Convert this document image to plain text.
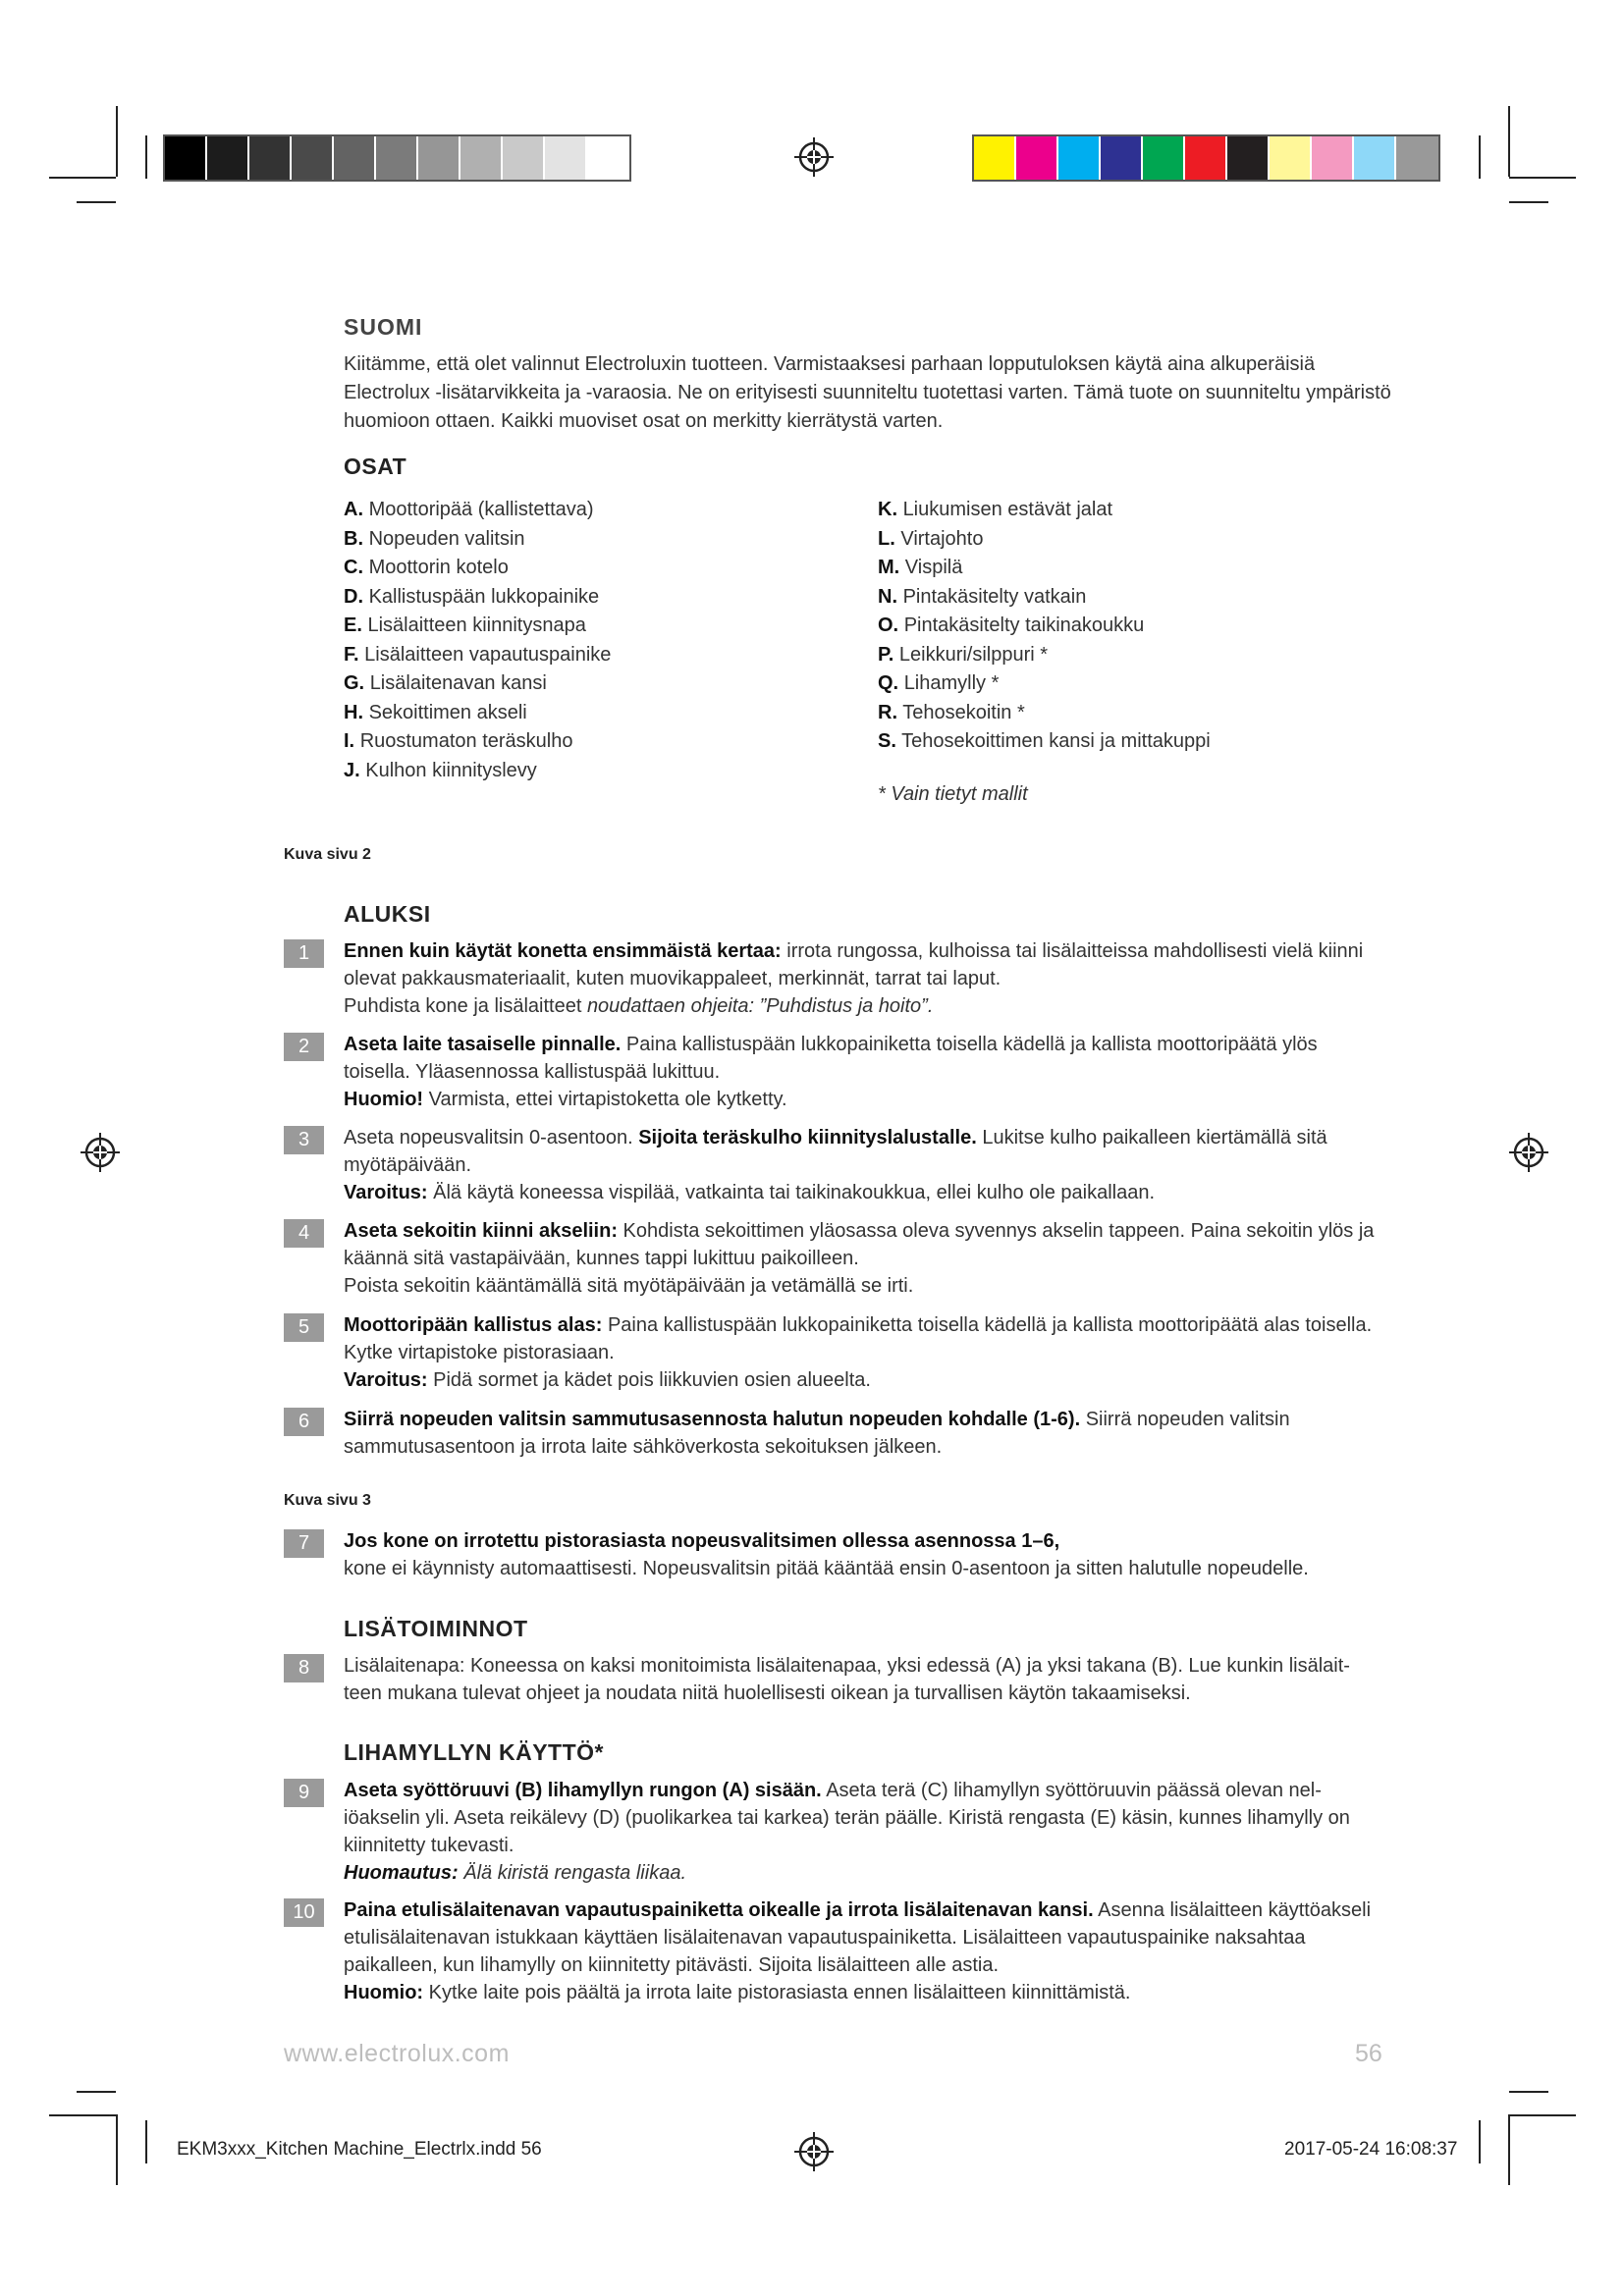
SUOMI
Kiitämme, että olet valinnut Electroluxin tuotteen. Varmistaaksesi parhaan lopputuloksen käytä aina alkuperäisiä Electrolux -lisätarvikkeita ja -varaosia. Ne on erityisesti suunniteltu tuotettasi varten. Tämä tuote on suunniteltu ympäristö huomioon ottaen. Kaikki muoviset osat on merkitty kierrätystä varten.
OSAT
A. Moottoripää (kallistettava)
B. Nopeuden valitsin
C. Moottorin kotelo
D. Kallistuspään lukkopainike
E. Lisälaitteen kiinnitysnapa
F. Lisälaitteen vapautuspainike
G. Lisälaitenavan kansi
H. Sekoittimen akseli
I. Ruostumaton teräskulho
J. Kulhon kiinnityslevy
K. Liukumisen estävät jalat
L. Virtajohto
M. Vispilä
N. Pintakäsitelty vatkain
O. Pintakäsitelty taikinakoukku
P. Leikkuri/silppuri *
Q. Lihamylly *
R. Tehosekoitin *
S. Tehosekoittimen kansi ja mittakuppi
* Vain tietyt mallit
Kuva sivu 2
ALUKSI
1	Ennen kuin käytät konetta ensimmäistä kertaa: irrota rungossa, kulhoissa tai lisälaitteissa mahdollisesti vielä kiinni olevat pakkausmateriaalit, kuten muovikappaleet, merkinnät, tarrat tai laput.
Puhdista kone ja lisälaitteet noudattaen ohjeita: ”Puhdistus ja hoito”.
2	Aseta laite tasaiselle pinnalle. Paina kallistuspään lukkopainiketta toisella kädellä ja kallista moottoripäätä ylös toisella. Yläasennossa kallistuspää lukittuu.
Huomio! Varmista, ettei virtapistoketta ole kytketty.
3	Aseta nopeusvalitsin 0-asentoon. Sijoita teräskulho kiinnityslalustalle. Lukitse kulho paikalleen kiertämällä sitä myötäpäivään.
Varoitus: Älä käytä koneessa vispilää, vatkainta tai taikinakoukkua, ellei kulho ole paikallaan.
4	Aseta sekoitin kiinni akseliin: Kohdista sekoittimen yläosassa oleva syvennys akselin tappeen. Paina sekoitin ylös ja käännä sitä vastapäivään, kunnes tappi lukittuu paikoilleen.
Poista sekoitin kääntämällä sitä myötäpäivään ja vetämällä se irti.
5	Moottoripään kallistus alas: Paina kallistuspään lukkopainiketta toisella kädellä ja kallista moottoripäätä alas toisella. Kytke virtapistoke pistorasiaan.
Varoitus: Pidä sormet ja kädet pois liikkuvien osien alueelta.
6	Siirrä nopeuden valitsin sammutusasennosta halutun nopeuden kohdalle (1-6). Siirrä nopeuden valitsin sammutusasentoon ja irrota laite sähköverkosta sekoituksen jälkeen.
Kuva sivu 3
7	Jos kone on irrotettu pistorasiasta nopeusvalitsimen ollessa asennossa 1–6,
kone ei käynnisty automaattisesti. Nopeusvalitsin pitää kääntää ensin 0-asentoon ja sitten halutulle nopeudelle.
LISÄTOIMINNOT
8	Lisälaitenapa: Koneessa on kaksi monitoimista lisälaitenapaa, yksi edessä (A) ja yksi takana (B). Lue kunkin lisälait-teen mukana tulevat ohjeet ja noudata niitä huolellisesti oikean ja turvallisen käytön takaamiseksi.
LIHAMYLLYN KÄYTTÖ*
9	Aseta syöttöruuvi (B) lihamyllyn rungon (A) sisään. Aseta terä (C) lihamyllyn syöttöruuvin päässä olevan nel-iöakselin yli. Aseta reikälevy (D) (puolikarkea tai karkea) terän päälle. Kiristä rengasta (E) käsin, kunnes lihamylly on kiinnitetty tukevasti.
Huomautus: Älä kiristä rengasta liikaa.
10	Paina etulisälaitenavan vapautuspainiketta oikealle ja irrota lisälaitenavan kansi. Asenna lisälaitteen käyttöakseli etulisälaitenavan istukkaan käyttäen lisälaitenavan vapautuspainiketta. Lisälaitteen vapautuspainike naksahtaa paikalleen, kun lihamylly on kiinnitetty pitävästi. Sijoita lisälaitteen alle astia.
Huomio: Kytke laite pois päältä ja irrota laite pistorasiasta ennen lisälaitteen kiinnittämistä.
www.electrolux.com	56
EKM3xxx_Kitchen Machine_Electrlx.indd 56	2017-05-24 16:08:37
